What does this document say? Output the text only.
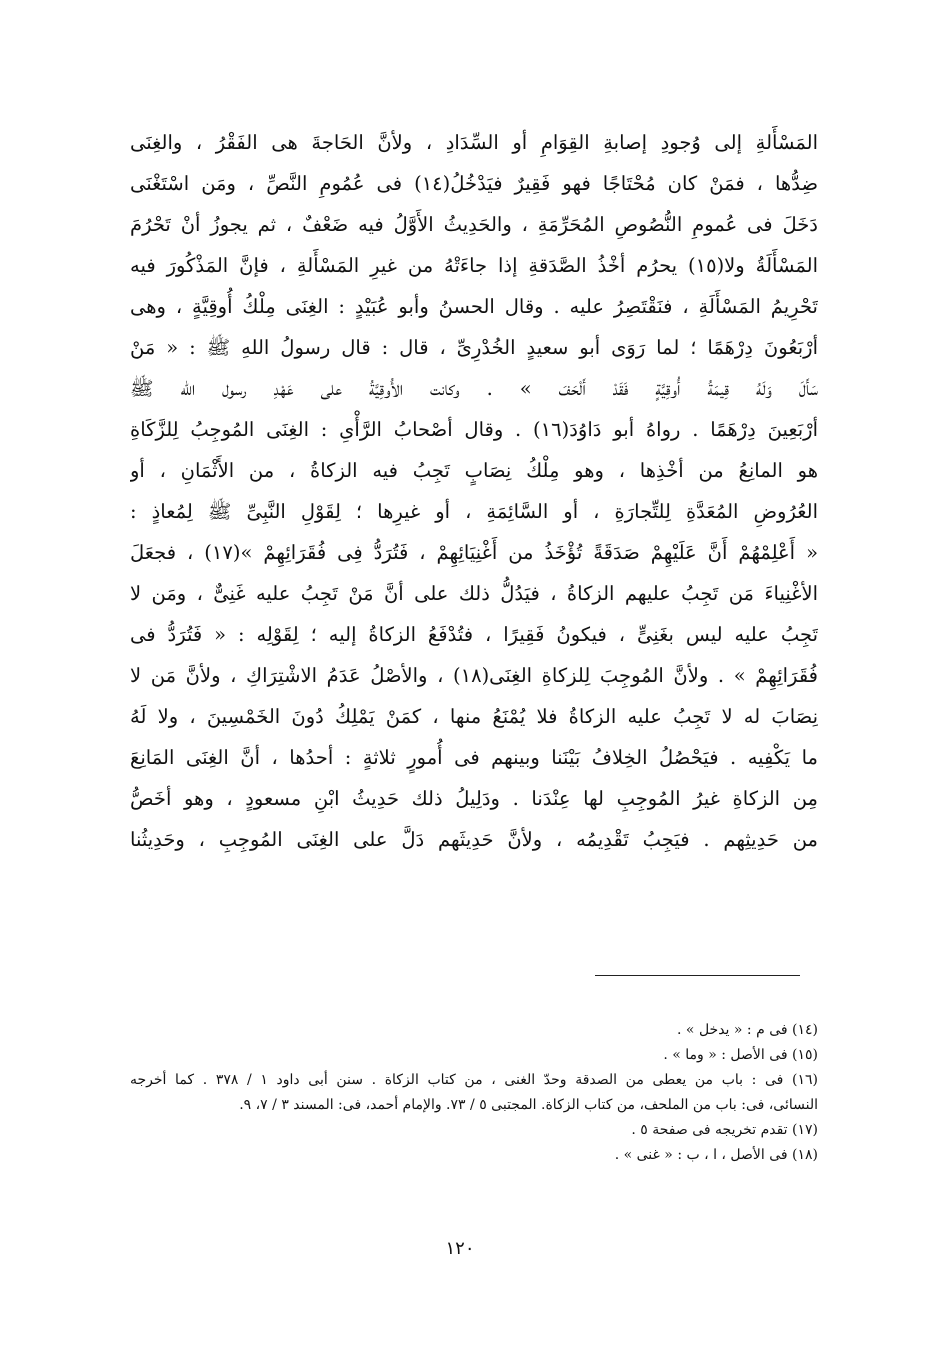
المَسْأَلةِ إلى وُجودِ إصابةِ القِوَامِ أو السِّدَادِ ، ولأنَّ الحَاجةَ هى الفَقْرُ ، والغِنَى
ضِدُّها ، فمَنْ كان مُحْتَاجًا فهو فَقِيرٌ فيَدْخُلُ(١٤) فى عُمُومِ النَّصِّ ، ومَن اسْتَغْنَى
دَخَلَ فى عُمومِ النُّصُوصِ المُحَرِّمَةِ ، والحَدِيثُ الأَوَّلُ فيه ضَعْفٌ ، ثم يجوزُ أنْ تَحْرُمَ
المَسْأَلَةُ ولا(١٥) يحرُم أخْذُ الصَّدَقةِ إذا جاءَتْهُ من غيرِ المَسْأَلةِ ، فإنَّ المَذْكُورَ فيه
تَحْرِيمُ المَسْأَلَةِ ، فنَقْتَصِرُ عليه . وقال الحسنُ وأبو عُبَيْدٍ : الغِنَى مِلْكُ أُوقِيَّةٍ ، وهى
أرْبَعُونَ دِرْهَمًا ؛ لما رَوَى أبو سعيدٍ الخُدْرِىِّ ، قال : قال رسولُ اللهِ ﷺ : « مَنْ
سَأَلَ وَلَهُ قِيمَةُ أُوقِيَّةٍ فَقَدْ أَلْحَفَ » . وكانت الأُوقِيَّةُ على عَهْدِ رسول الله ﷺ
أرْبَعِينَ دِرْهَمًا . رواهُ أبو دَاوُدَ(١٦) . وقال أصْحابُ الرَّأْىِ : الغِنَى المُوجِبُ لِلزَّكَاةِ
هو المانِعُ من أخْذِها ، وهو مِلْكُ نِصَابٍ تَجِبُ فيه الزكاةُ ، من الأَثْمَانِ ، أو
العُرُوضِ المُعَدَّةِ لِلتِّجارَةِ ، أو السَّائِمَةِ ، أو غيرِها ؛ لِقَوْلِ النَّبِىِّ ﷺ لِمُعاذٍ :
« أَعْلِمْهُمْ أَنَّ عَلَيْهِمْ صَدَقَةً تُؤْخَذُ من أَغْنِيَائِهِمْ ، فَتُرَدُّ فِى فُقَرَائِهِمْ »(١٧) ، فجعَلَ
الأغْنِياءَ مَن تَجِبُ عليهم الزكاةُ ، فيَدُلُّ ذلك على أنَّ مَنْ تَجِبُ عليه غَنِىٌّ ، ومَن لا
تَجِبُ عليه ليس بغَنِىٍّ ، فيكونُ فَقِيرًا ، فتُدْفَعُ الزكاةُ إليه ؛ لِقَوْلِه : « فَتُرَدُّ فى
فُقَرَائِهِمْ » . ولأنَّ المُوجِبَ لِلزكاةِ الغِنَى(١٨) ، والأصْلُ عَدَمُ الاشْتِرَاكِ ، ولأنَّ مَن لا
نِصَابَ له لا تَجِبُ عليه الزكاةُ فلا يُمْنَعُ منها ، كمَنْ يَمْلِكُ دُونَ الخَمْسِينَ ، ولا لَهُ
ما يَكْفِيه . فيَحْصُلُ الخِلافُ بَيْنَنا وبينهم فى أُمورٍ ثلاثةٍ : أحدُها ، أنَّ الغِنَى المَانِعَ
مِن الزكاةِ غيرُ المُوجِبِ لها عِنْدَنا . ودَلِيلُ ذلك حَدِيثُ ابْنِ مسعودٍ ، وهو أخَصُّ
من حَدِيثِهم . فيَجِبُ تَقْدِيمُه ، ولأنَّ حَدِيثَهم دَلَّ على الغِنَى المُوجِبِ ، وحَدِيثُنا
(١٤) فى م : « يدخل » .
(١٥) فى الأصل : « وما » .
(١٦) فى : باب من يعطى من الصدقة وحدّ الغنى ، من كتاب الزكاة . سنن أبى داود ١ / ٣٧٨ . كما أخرجه
النسائى، فى: باب من الملحف، من كتاب الزكاة. المجتبى ٥ / ٧٣. والإمام أحمد، فى: المسند ٣ / ٧، ٩.
(١٧) تقدم تخريجه فى صفحة ٥ .
(١٨) فى الأصل ، ا ، ب : « غنى » .
١٢٠
